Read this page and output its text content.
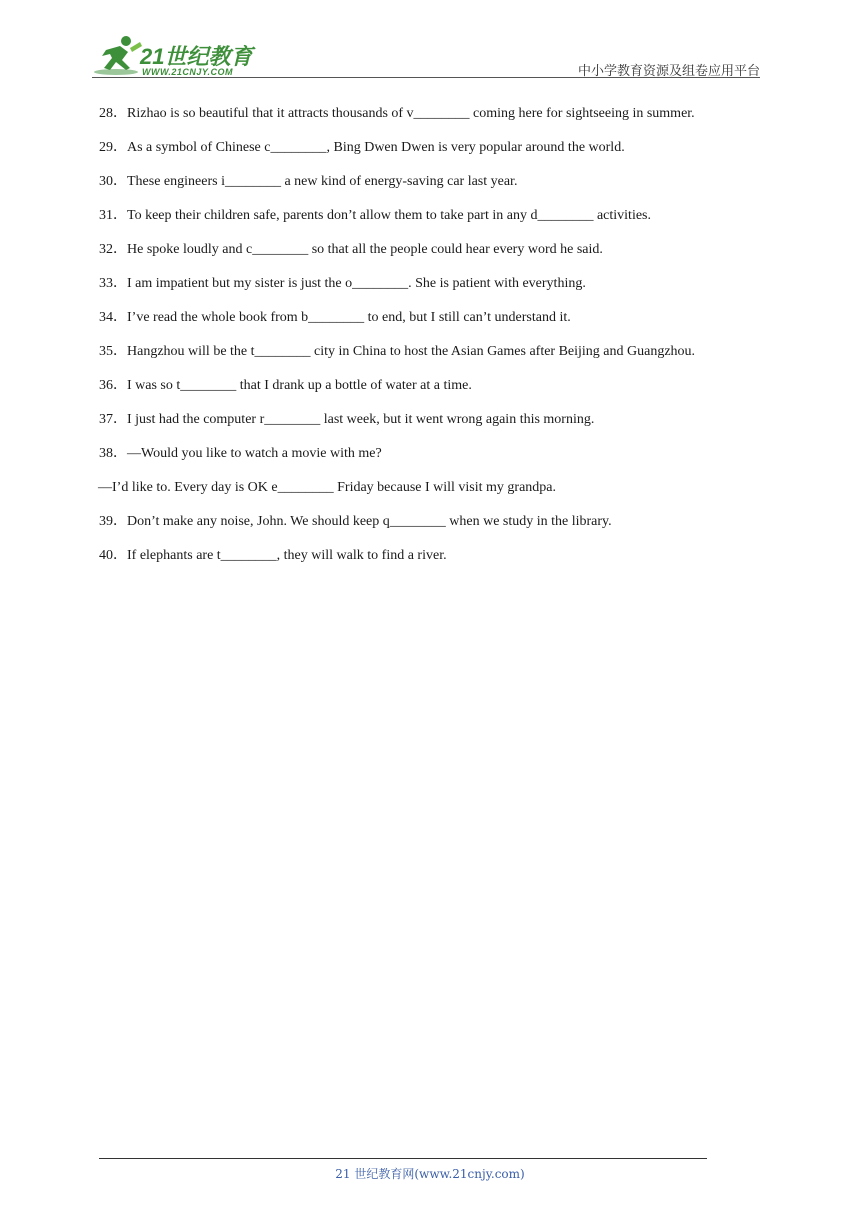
21世纪教育
WWW.21CNJY.COM	中小学教育资源及组卷应用平台
28．Rizhao is so beautiful that it attracts thousands of v________ coming here for sightseeing in summer.
29．As a symbol of Chinese c________, Bing Dwen Dwen is very popular around the world.
30．These engineers i________ a new kind of energy-saving car last year.
31．To keep their children safe, parents don’t allow them to take part in any d________ activities.
32．He spoke loudly and c________ so that all the people could hear every word he said.
33．I am impatient but my sister is just the o________. She is patient with everything.
34．I’ve read the whole book from b________ to end, but I still can’t understand it.
35．Hangzhou will be the t________ city in China to host the Asian Games after Beijing and Guangzhou.
36．I was so t________ that I drank up a bottle of water at a time.
37．I just had the computer r________ last week, but it went wrong again this morning.
38．—Would you like to watch a movie with me?
—I’d like to. Every day is OK e________ Friday because I will visit my grandpa.
39．Don’t make any noise, John. We should keep q________ when we study in the library.
40．If elephants are t________, they will walk to find a river.
21 世纪教育网(www.21cnjy.com)
